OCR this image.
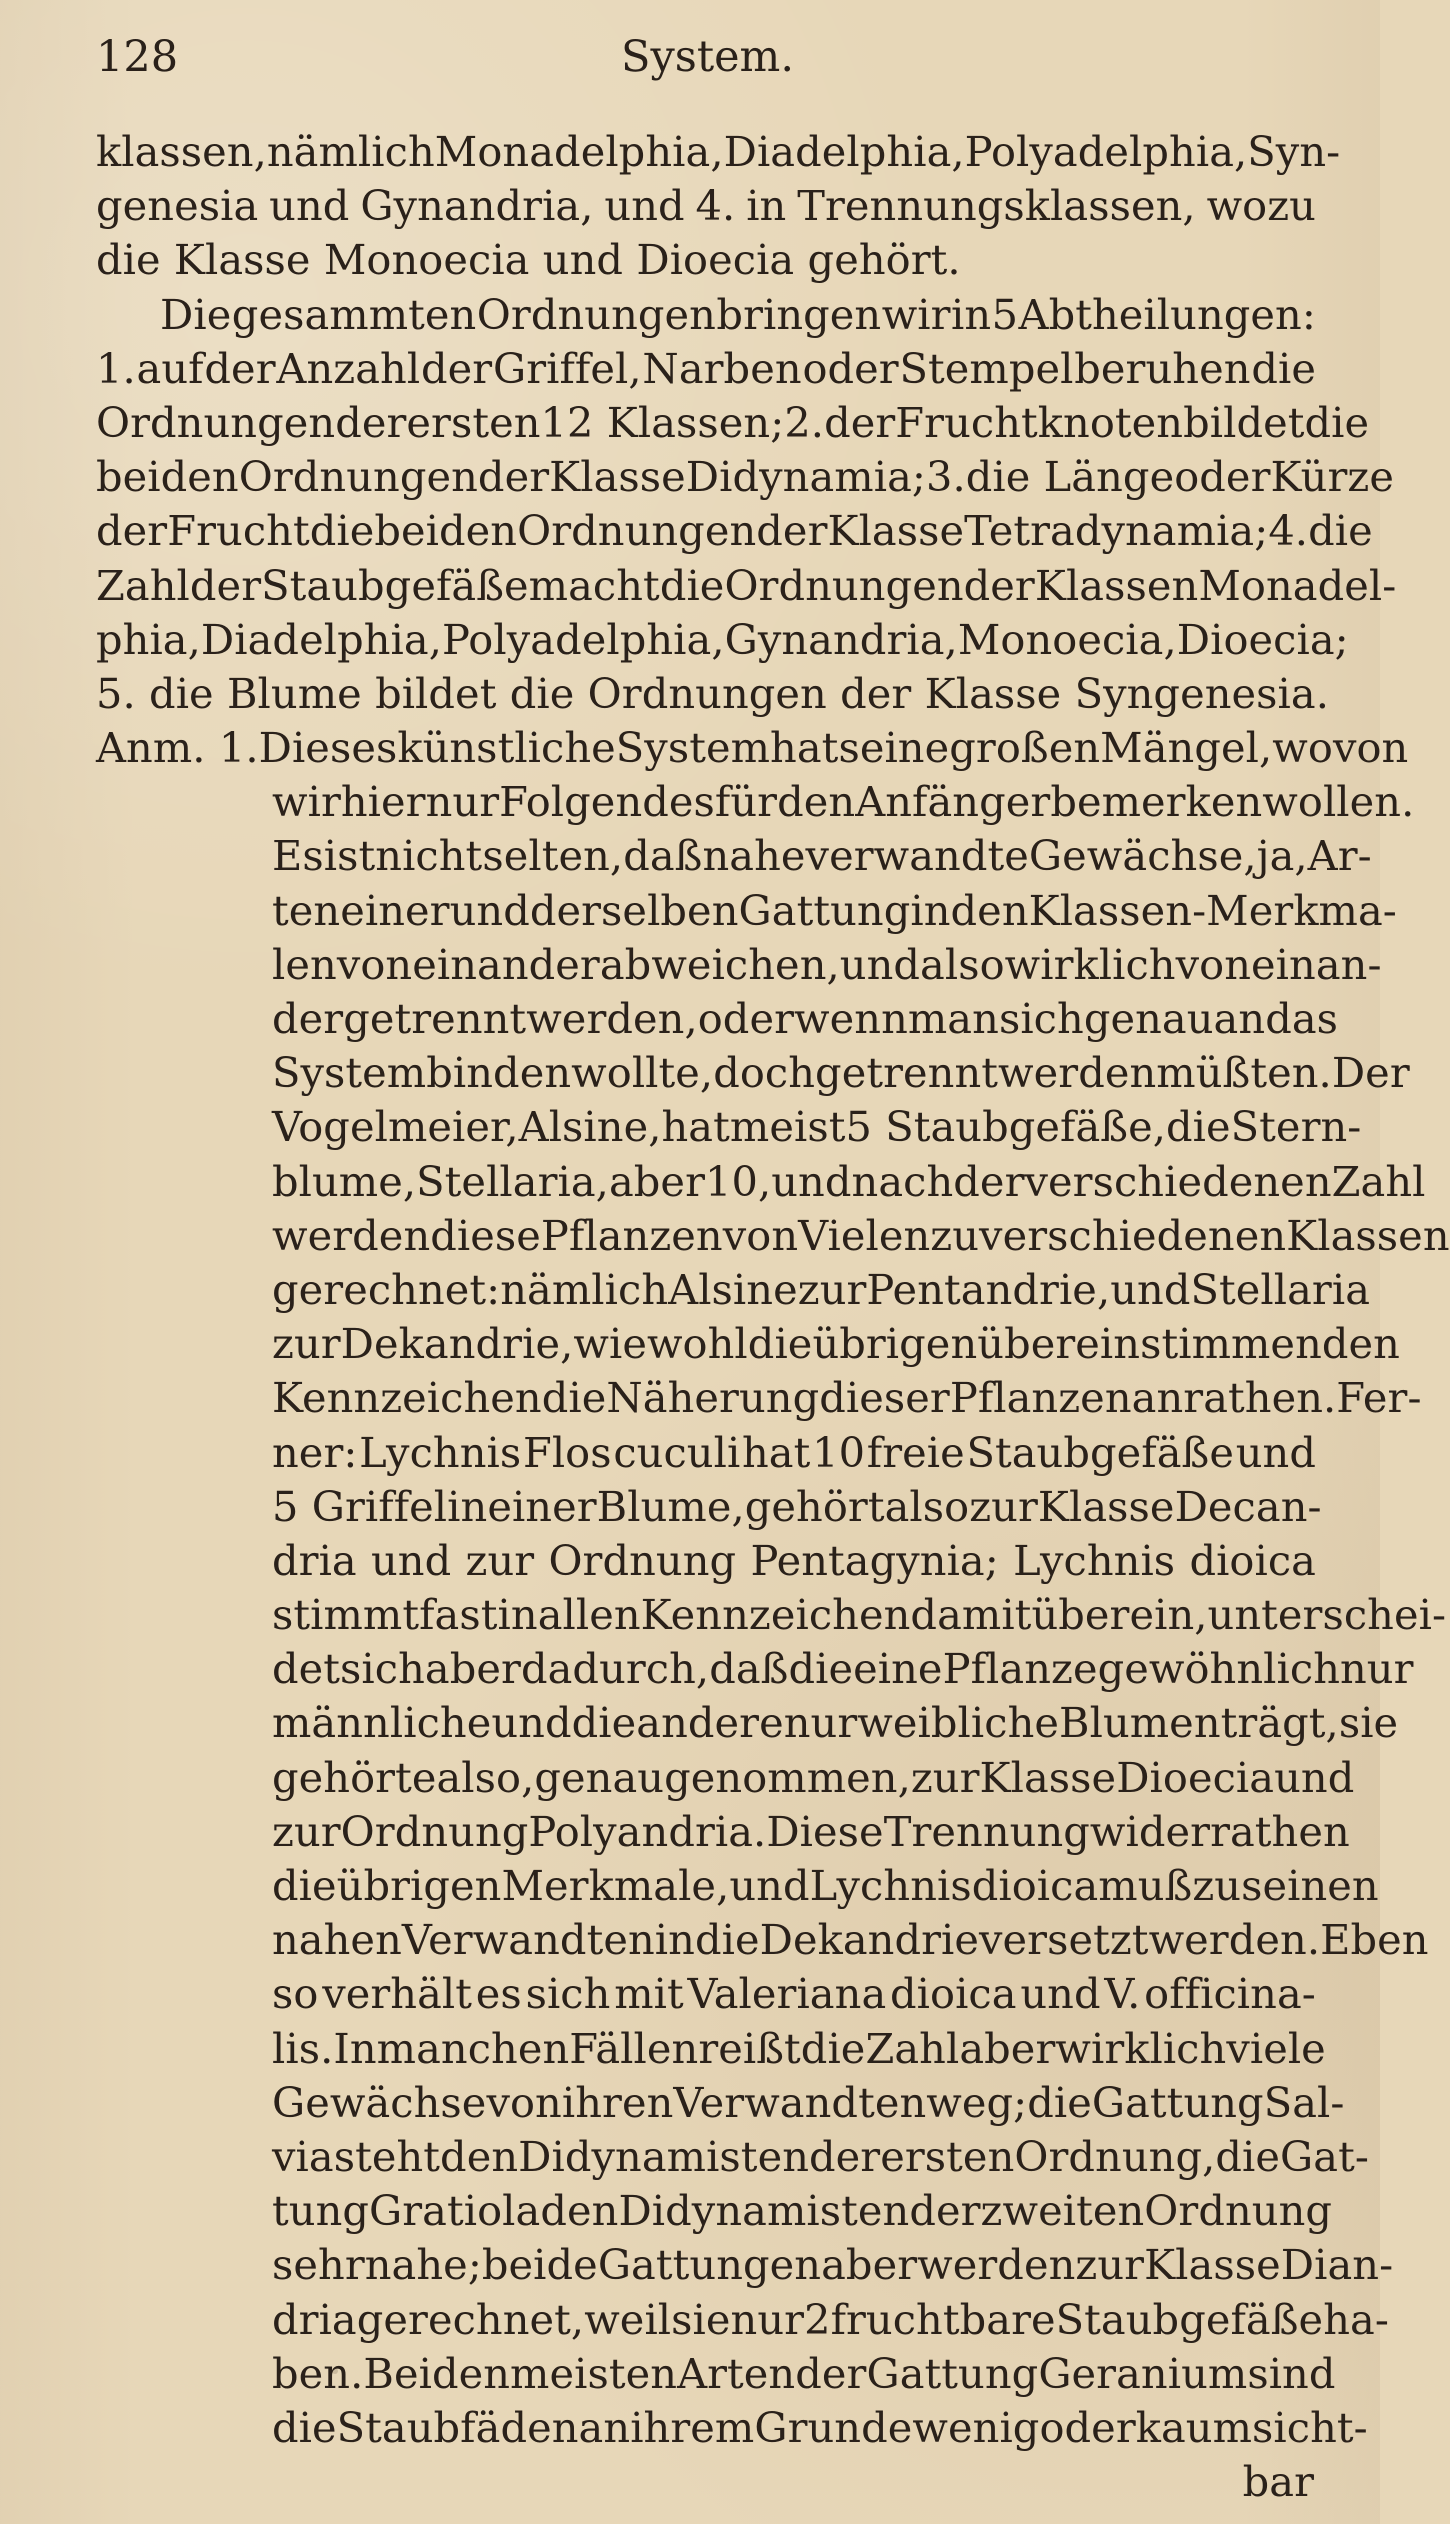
128	System.
klassen, nämlich Monadelphia, Diadelphia, Polyadelphia, Syn-
genesia und Gynandria, und 4. in Trennungsklassen, wozu
die
Klasse
Monoecia
und
Dioecia
gehört.
Die gesammten Ordnungen bringen wir in 5 Abtheilungen:
1. auf der Anzahl der Griffel, Narben oder Stempel beruhen die
Ordnungen der ersten 12 Klassen; 2. der Fruchtknoten bildet die
beiden Ordnungen der Klasse Didynamia; 3. die Länge oder Kürze
der Frucht die beiden Ordnungen der Klasse Tetradynamia; 4. die
Zahl der Staubgefäße macht die Ordnungen der Klassen Monadel-
phia, Diadelphia, Polyadelphia, Gynandria, Monoecia, Dioecia;
5.
die
Blume
bildet
die
Ordnungen
der
Klasse
Syngenesia.
Anm. 1. Dieses künstliche System hat seine großen Mängel, wovon
wir hier nur Folgendes für den Anfänger bemerken wollen.
Es ist nicht selten, daß nahe verwandte Gewächse, ja, Ar-
ten einer und derselben Gattung in den Klassen-Merkma-
len von einander abweichen, und also wirklich von einan-
der getrennt werden, oder wenn man sich genau an das
System binden wollte, doch getrennt werden müßten. Der
Vogelmeier, Alsine, hat meist 5 Staubgefäße, die Stern-
blume, Stellaria, aber 10, und nach der verschiedenen Zahl
werden diese Pflanzen von Vielen zu verschiedenen Klassen
gerechnet: nämlich Alsine zur Pentandrie, und Stellaria
zur Dekandrie, wiewohl die übrigen übereinstimmenden
Kennzeichen die Näherung dieser Pflanzen anrathen. Fer-
ner: Lychnis Flos cuculi hat 10 freie Staubgefäße und
5 Griffel in einer Blume, gehört also zur Klasse Decan-
dria und zur Ordnung Pentagynia; Lychnis dioica
stimmt fast in allen Kennzeichen damit überein, unterschei-
det sich aber dadurch, daß die eine Pflanze gewöhnlich nur
männliche und die andere nur weibliche Blumen trägt, sie
gehörte also, genau genommen, zur Klasse Dioecia und
zur Ordnung Polyandria. Diese Trennung widerrathen
die übrigen Merkmale, und Lychnis dioica muß zu seinen
nahen Verwandten in die Dekandrie versetzt werden. Eben
so verhält es sich mit Valeriana dioica und V. officina-
lis. In manchen Fällen reißt die Zahl aber wirklich viele
Gewächse von ihren Verwandten weg; die Gattung Sal-
via steht den Didynamisten der ersten Ordnung, die Gat-
tung Gratiola den Didynamisten der zweiten Ordnung
sehr nahe; beide Gattungen aber werden zur Klasse Dian-
dria gerechnet, weil sie nur 2 fruchtbare Staubgefäße ha-
ben. Bei den meisten Arten der Gattung Geranium sind
die Staubfäden an ihrem Grunde wenig oder kaum sicht-
bar
